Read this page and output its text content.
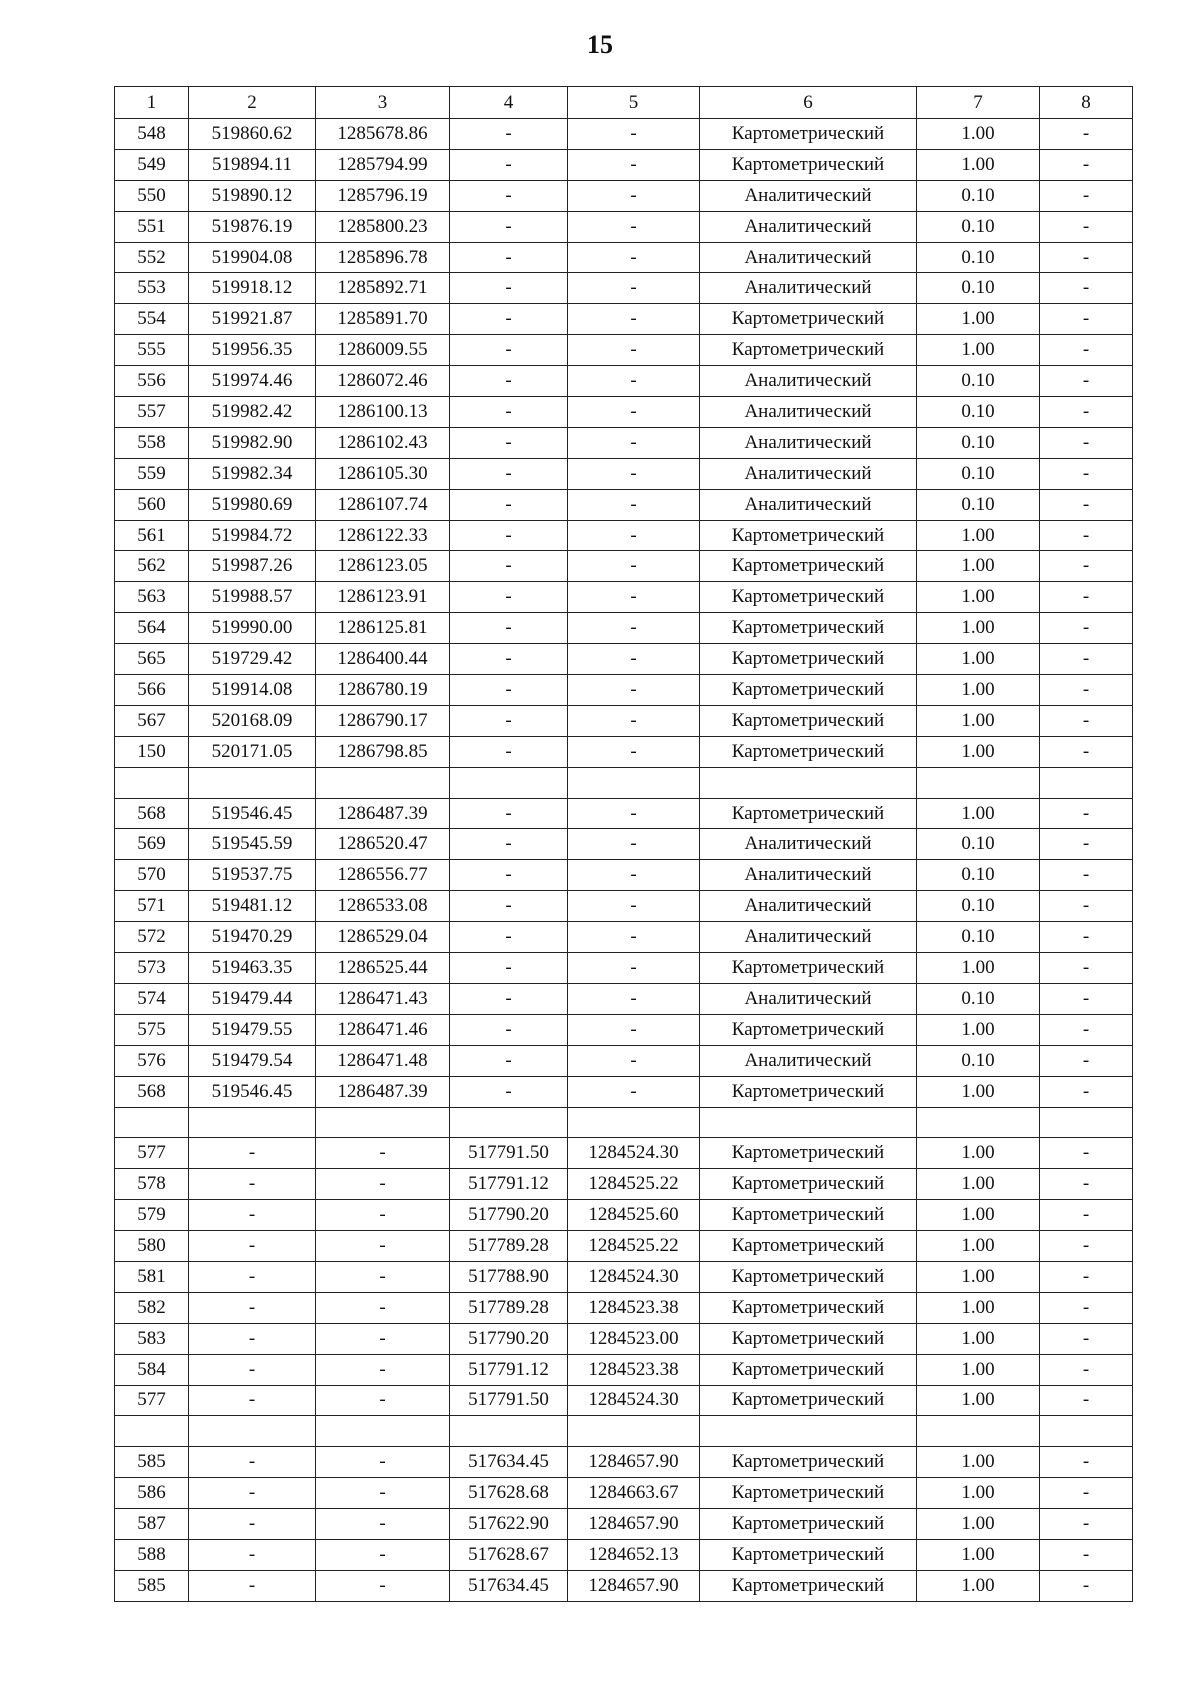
15
1	2	3	4	5	6	7	8
548	519860.62	1285678.86	-	-	Картометрический	1.00	-
549	519894.11	1285794.99	-	-	Картометрический	1.00	-
550	519890.12	1285796.19	-	-	Аналитический	0.10	-
551	519876.19	1285800.23	-	-	Аналитический	0.10	-
552	519904.08	1285896.78	-	-	Аналитический	0.10	-
553	519918.12	1285892.71	-	-	Аналитический	0.10	-
554	519921.87	1285891.70	-	-	Картометрический	1.00	-
555	519956.35	1286009.55	-	-	Картометрический	1.00	-
556	519974.46	1286072.46	-	-	Аналитический	0.10	-
557	519982.42	1286100.13	-	-	Аналитический	0.10	-
558	519982.90	1286102.43	-	-	Аналитический	0.10	-
559	519982.34	1286105.30	-	-	Аналитический	0.10	-
560	519980.69	1286107.74	-	-	Аналитический	0.10	-
561	519984.72	1286122.33	-	-	Картометрический	1.00	-
562	519987.26	1286123.05	-	-	Картометрический	1.00	-
563	519988.57	1286123.91	-	-	Картометрический	1.00	-
564	519990.00	1286125.81	-	-	Картометрический	1.00	-
565	519729.42	1286400.44	-	-	Картометрический	1.00	-
566	519914.08	1286780.19	-	-	Картометрический	1.00	-
567	520168.09	1286790.17	-	-	Картометрический	1.00	-
150	520171.05	1286798.85	-	-	Картометрический	1.00	-

568	519546.45	1286487.39	-	-	Картометрический	1.00	-
569	519545.59	1286520.47	-	-	Аналитический	0.10	-
570	519537.75	1286556.77	-	-	Аналитический	0.10	-
571	519481.12	1286533.08	-	-	Аналитический	0.10	-
572	519470.29	1286529.04	-	-	Аналитический	0.10	-
573	519463.35	1286525.44	-	-	Картометрический	1.00	-
574	519479.44	1286471.43	-	-	Аналитический	0.10	-
575	519479.55	1286471.46	-	-	Картометрический	1.00	-
576	519479.54	1286471.48	-	-	Аналитический	0.10	-
568	519546.45	1286487.39	-	-	Картометрический	1.00	-

577	-	-	517791.50	1284524.30	Картометрический	1.00	-
578	-	-	517791.12	1284525.22	Картометрический	1.00	-
579	-	-	517790.20	1284525.60	Картометрический	1.00	-
580	-	-	517789.28	1284525.22	Картометрический	1.00	-
581	-	-	517788.90	1284524.30	Картометрический	1.00	-
582	-	-	517789.28	1284523.38	Картометрический	1.00	-
583	-	-	517790.20	1284523.00	Картометрический	1.00	-
584	-	-	517791.12	1284523.38	Картометрический	1.00	-
577	-	-	517791.50	1284524.30	Картометрический	1.00	-

585	-	-	517634.45	1284657.90	Картометрический	1.00	-
586	-	-	517628.68	1284663.67	Картометрический	1.00	-
587	-	-	517622.90	1284657.90	Картометрический	1.00	-
588	-	-	517628.67	1284652.13	Картометрический	1.00	-
585	-	-	517634.45	1284657.90	Картометрический	1.00	-
